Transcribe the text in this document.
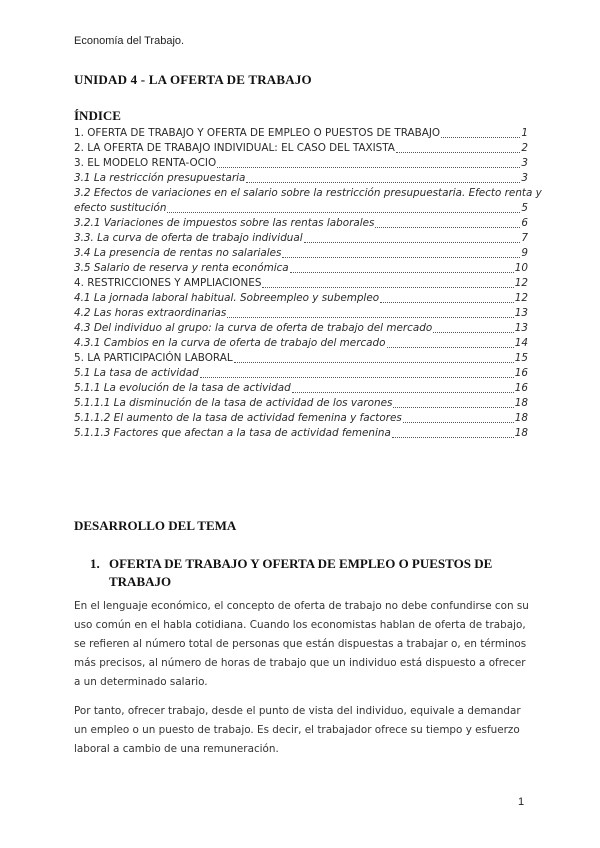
Economía del Trabajo.
UNIDAD 4 - LA OFERTA DE TRABAJO
ÍNDICE
1. OFERTA DE TRABAJO Y OFERTA DE EMPLEO O PUESTOS DE TRABAJO	1
2. LA OFERTA DE TRABAJO INDIVIDUAL: EL CASO DEL TAXISTA	2
3. EL MODELO RENTA-OCIO	3
3.1 La restricción presupuestaria	3
3.2 Efectos de variaciones en el salario sobre la restricción presupuestaria. Efecto renta y
efecto sustitución	5
3.2.1 Variaciones de impuestos sobre las rentas laborales	6
3.3. La curva de oferta de trabajo individual	7
3.4 La presencia de rentas no salariales	9
3.5 Salario de reserva y renta económica	10
4. RESTRICCIONES Y AMPLIACIONES	12
4.1 La jornada laboral habitual. Sobreempleo y subempleo	12
4.2 Las horas extraordinarias	13
4.3 Del individuo al grupo: la curva de oferta de trabajo del mercado	13
4.3.1 Cambios en la curva de oferta de trabajo del mercado	14
5. LA PARTICIPACIÓN LABORAL	15
5.1 La tasa de actividad	16
5.1.1 La evolución de la tasa de actividad	16
5.1.1.1 La disminución de la tasa de actividad de los varones	18
5.1.1.2 El aumento de la tasa de actividad femenina y factores	18
5.1.1.3 Factores que afectan a la tasa de actividad femenina	18
DESARROLLO DEL TEMA
1. OFERTA DE TRABAJO Y OFERTA DE EMPLEO O PUESTOS DE TRABAJO
En el lenguaje económico, el concepto de oferta de trabajo no debe confundirse con su uso común en el habla cotidiana. Cuando los economistas hablan de oferta de trabajo, se refieren al número total de personas que están dispuestas a trabajar o, en términos más precisos, al número de horas de trabajo que un individuo está dispuesto a ofrecer a un determinado salario.
Por tanto, ofrecer trabajo, desde el punto de vista del individuo, equivale a demandar un empleo o un puesto de trabajo. Es decir, el trabajador ofrece su tiempo y esfuerzo laboral a cambio de una remuneración.
1
